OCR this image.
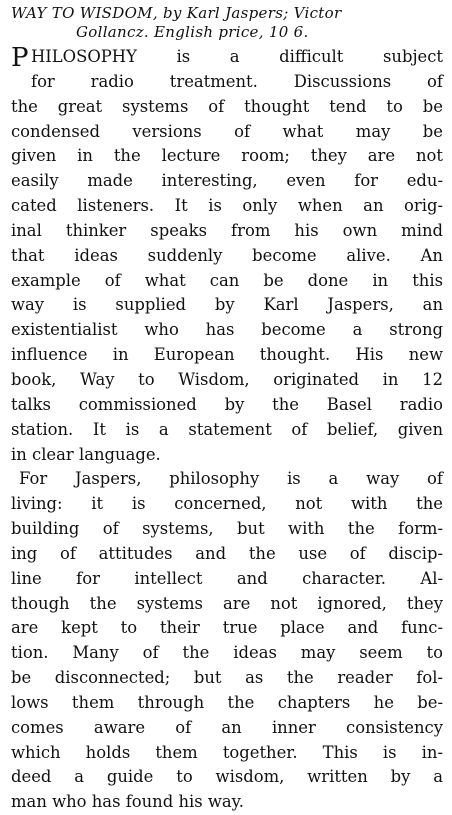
WAY TO WISDOM, by Karl Jaspers; Victor
Gollancz. English price, 10 6.
P HILOSOPHY is a difficult subject
for radio treatment. Discussions of
the great systems of thought tend to be
condensed versions of what may be
given in the lecture room; they are not
easily made interesting, even for edu-
cated listeners. It is only when an orig-
inal thinker speaks from his own mind
that ideas suddenly become alive. An
example of what can be done in this
way is supplied by Karl Jaspers, an
existentialist who has become a strong
influence in European thought. His new
book, Way to Wisdom, originated in 12
talks commissioned by the Basel radio
station. It is a statement of belief, given
in clear language.
For Jaspers, philosophy is a way of
living: it is concerned, not with the
building of systems, but with the form-
ing of attitudes and the use of discip-
line for intellect and character. Al-
though the systems are not ignored, they
are kept to their true place and func-
tion. Many of the ideas may seem to
be disconnected; but as the reader fol-
lows them through the chapters he be-
comes aware of an inner consistency
which holds them together. This is in-
deed a guide to wisdom, written by a
man who has found his way.
